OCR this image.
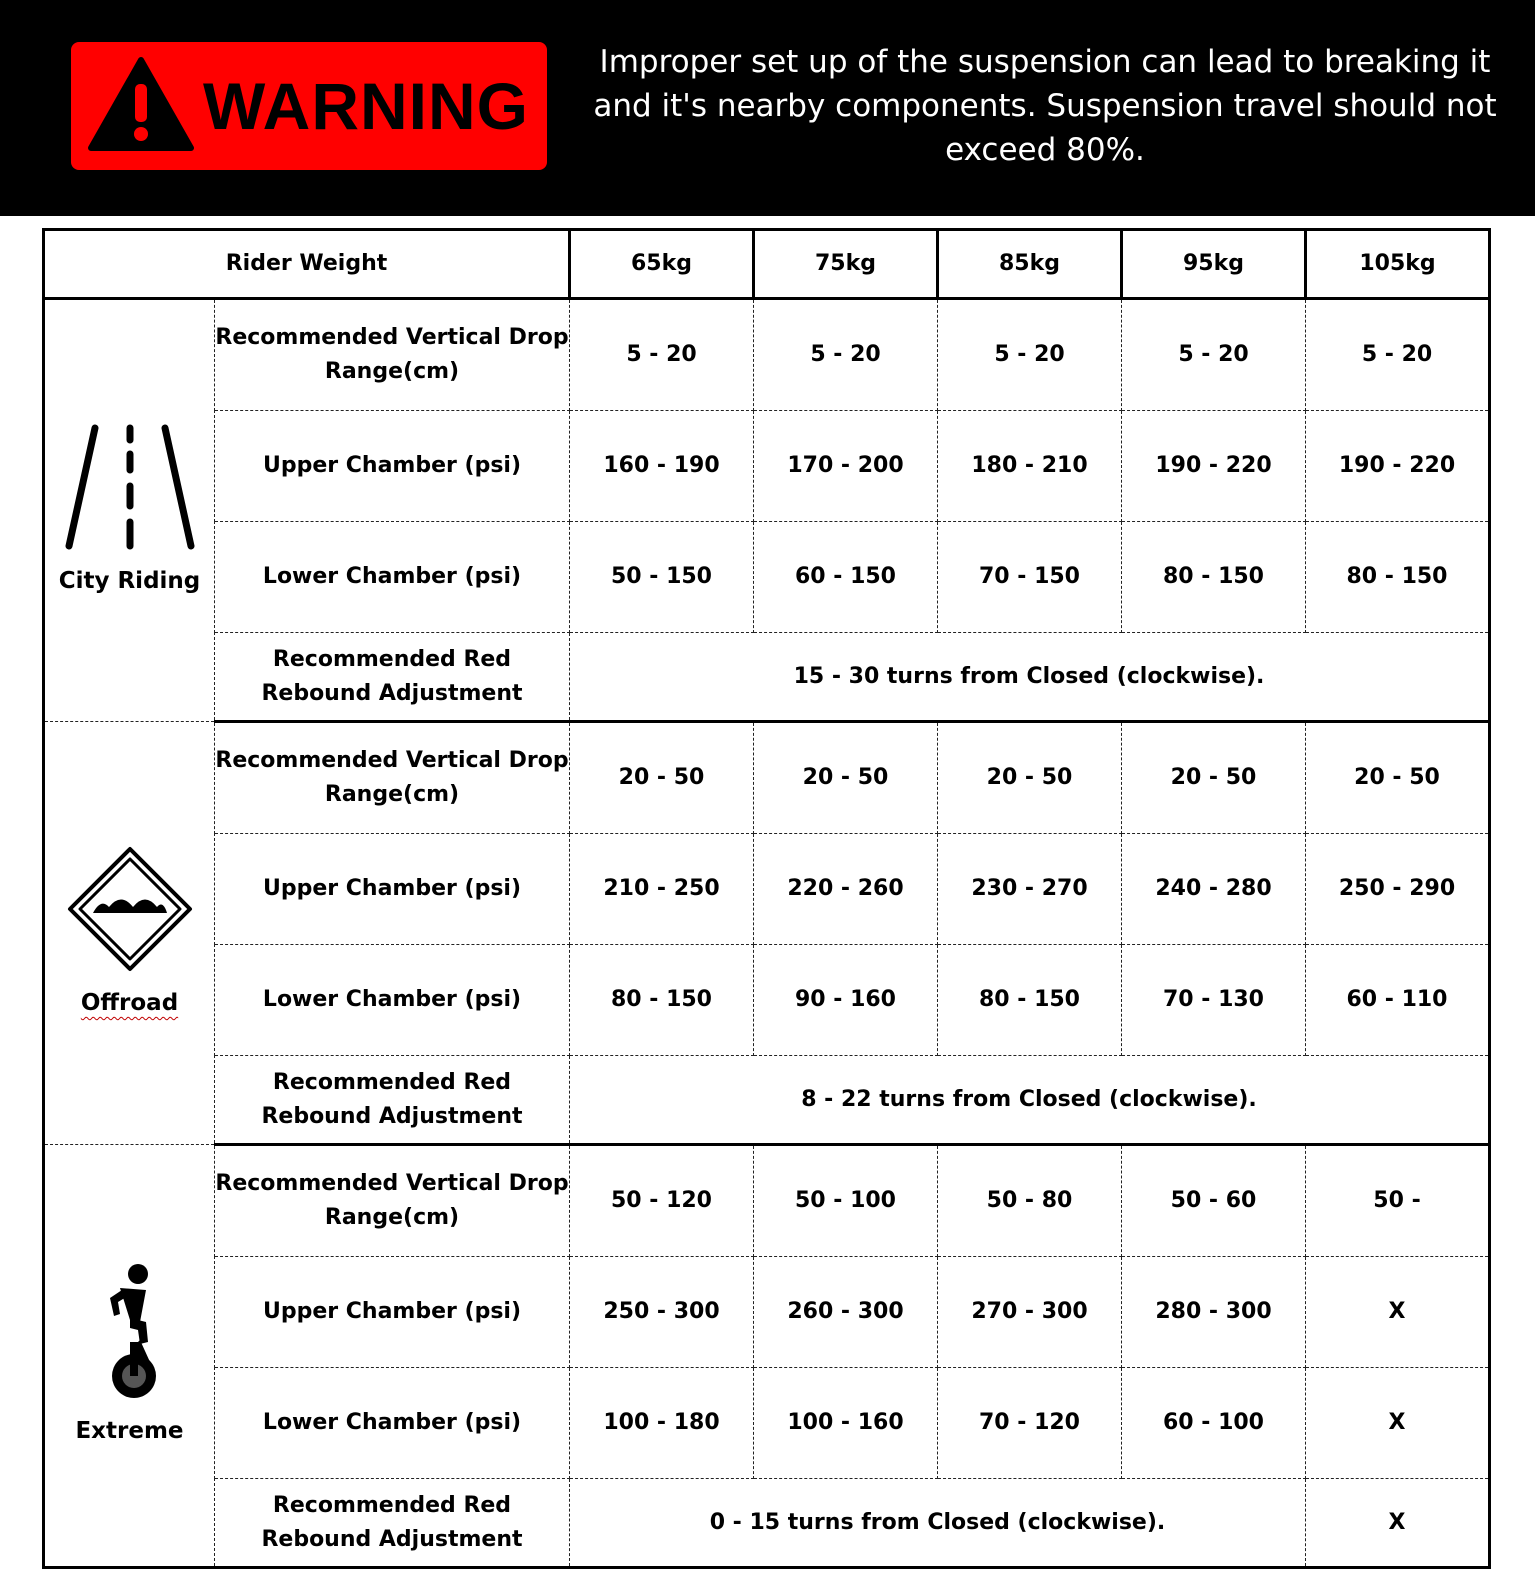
WARNING
Improper set up of the suspension can lead to breaking it and it's nearby components. Suspension travel should not exceed 80%.
Rider Weight		65kg	75kg	85kg	95kg	105kg

City Riding	Recommended Vertical Drop Range(cm)	5 - 20	5 - 20	5 - 20	5 - 20	5 - 20
	Upper Chamber (psi)	160 - 190	170 - 200	180 - 210	190 - 220	190 - 220
	Lower Chamber (psi)	50 - 150	60 - 150	70 - 150	80 - 150	80 - 150
	Recommended Red Rebound Adjustment	15 - 30 turns from Closed (clockwise).				

Offroad	Recommended Vertical Drop Range(cm)	20 - 50	20 - 50	20 - 50	20 - 50	20 - 50
	Upper Chamber (psi)	210 - 250	220 - 260	230 - 270	240 - 280	250 - 290
	Lower Chamber (psi)	80 - 150	90 - 160	80 - 150	70 - 130	60 - 110
	Recommended Red Rebound Adjustment	8 - 22 turns from Closed (clockwise).				

Extreme	Recommended Vertical Drop Range(cm)	50 - 120	50 - 100	50 - 80	50 - 60	50 -
	Upper Chamber (psi)	250 - 300	260 - 300	270 - 300	280 - 300	X
	Lower Chamber (psi)	100 - 180	100 - 160	70 - 120	60 - 100	X
	Recommended Red Rebound Adjustment	0 - 15 turns from Closed (clockwise).				X
